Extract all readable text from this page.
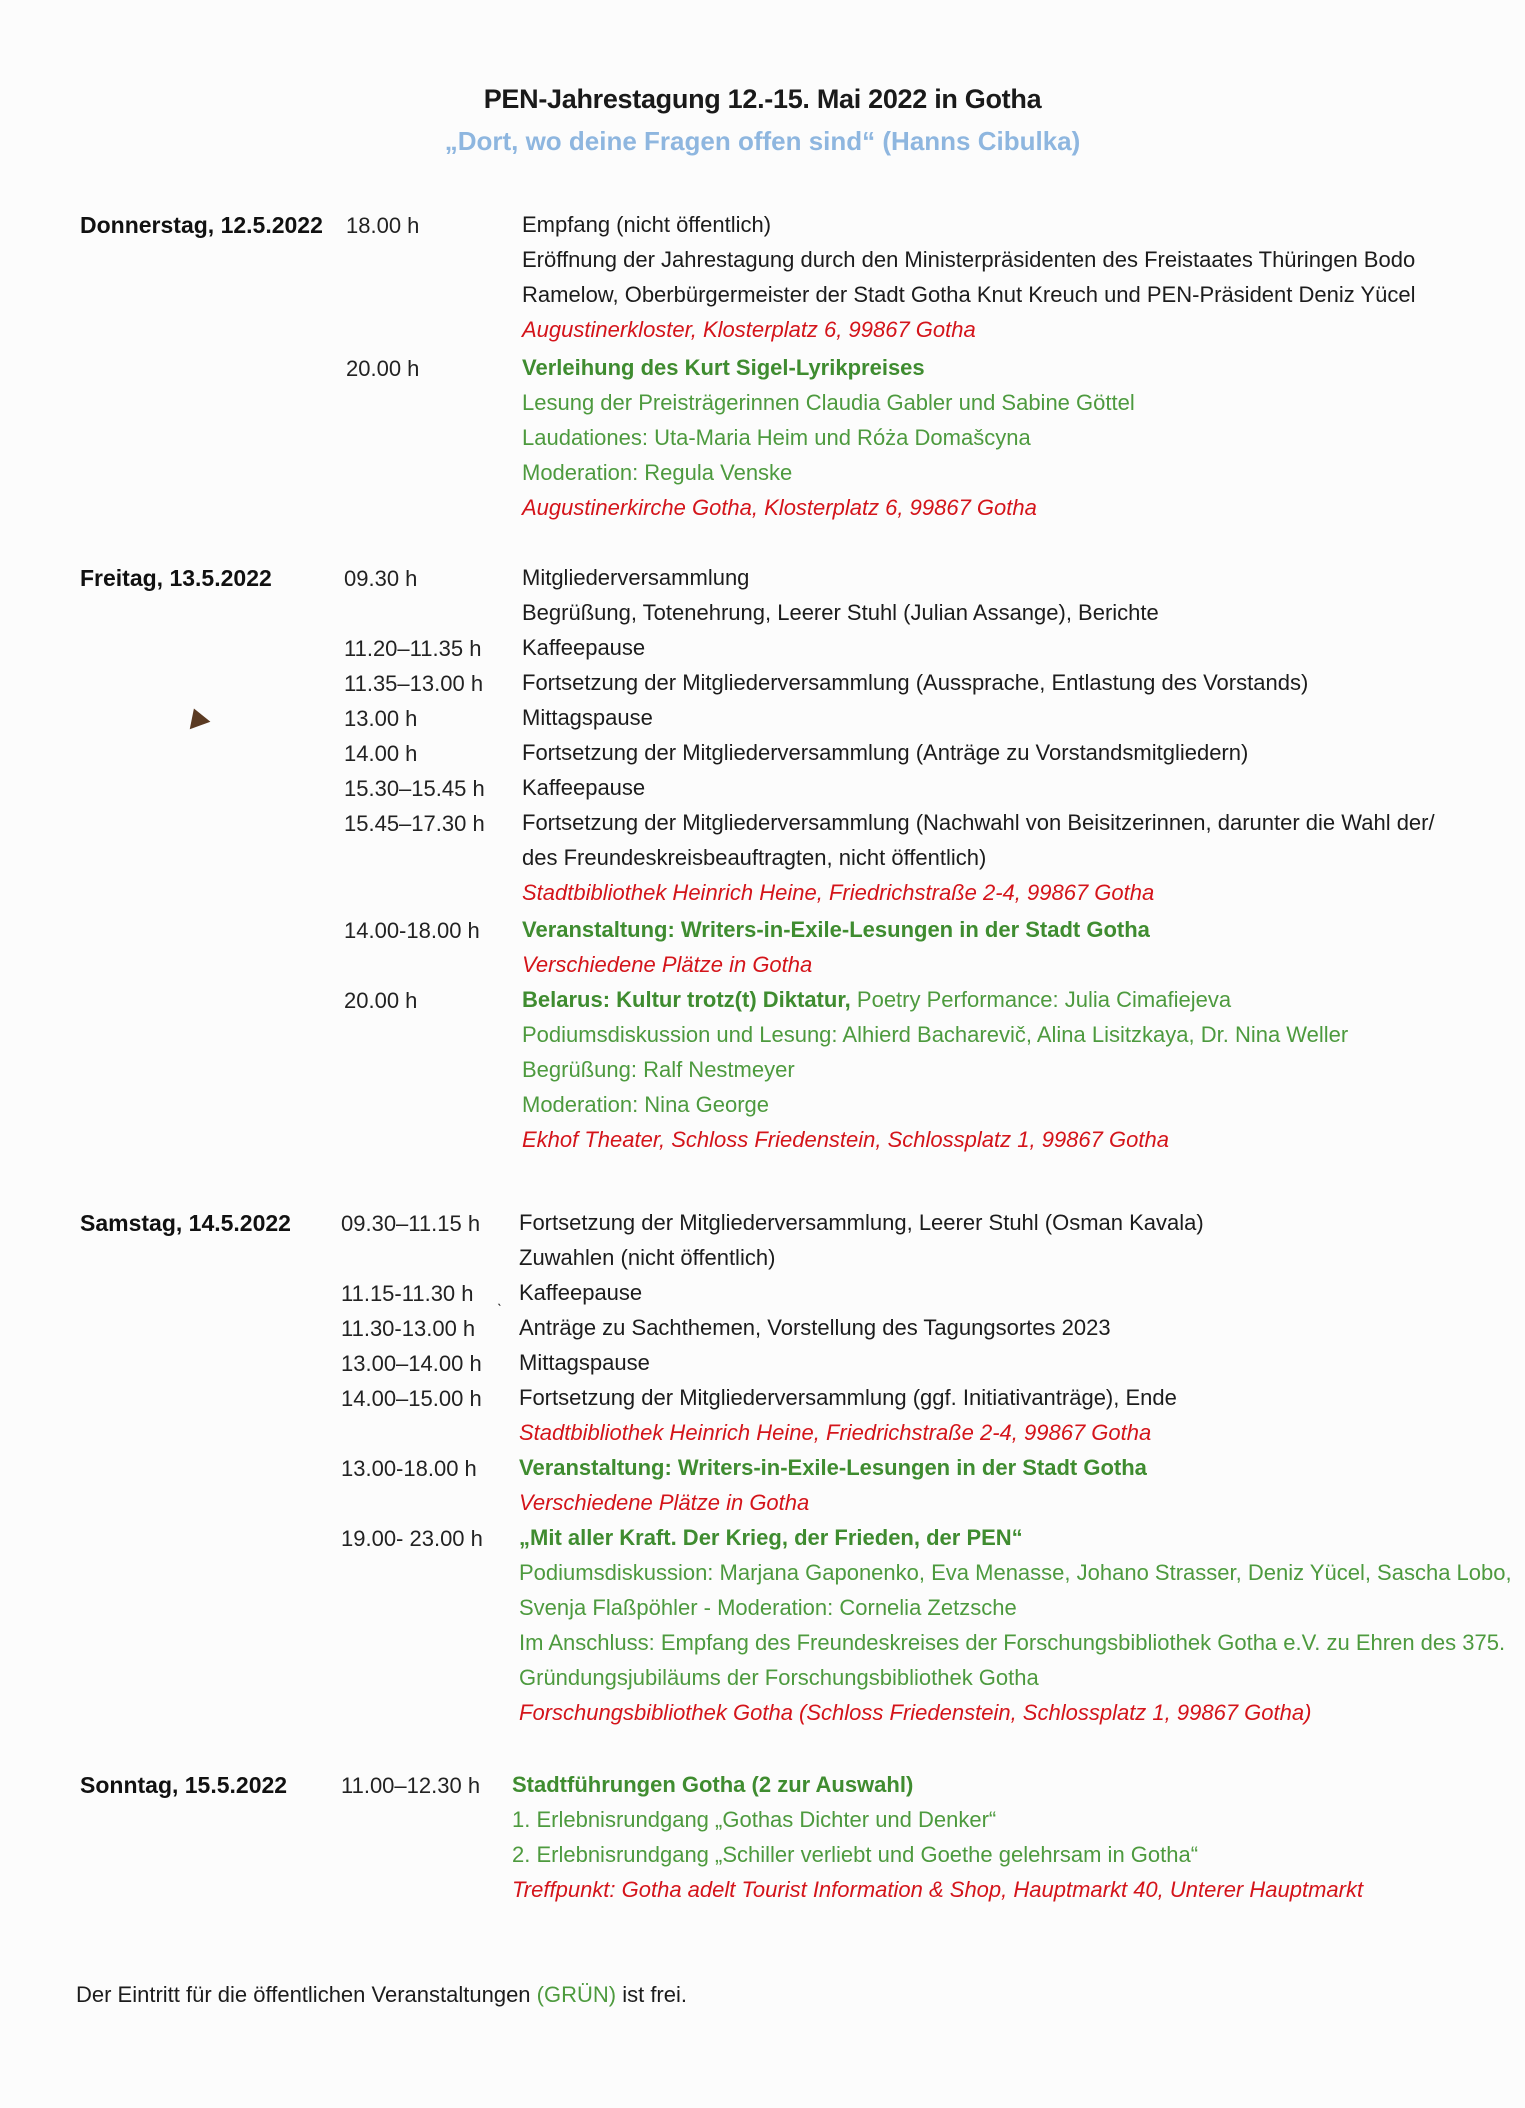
PEN-Jahrestagung 12.-15. Mai 2022 in Gotha
„Dort, wo deine Fragen offen sind“ (Hanns Cibulka)
Donnerstag, 12.5.2022 18.00 h	Empfang (nicht öffentlich)
Eröffnung der Jahrestagung durch den Ministerpräsidenten des Freistaates Thüringen Bodo
Ramelow, Oberbürgermeister der Stadt Gotha Knut Kreuch und PEN-Präsident Deniz Yücel
Augustinerkloster, Klosterplatz 6, 99867 Gotha
20.00 h	Verleihung des Kurt Sigel-Lyrikpreises
Lesung der Preisträgerinnen Claudia Gabler und Sabine Göttel
Laudationes: Uta-Maria Heim und Róża Domašcyna
Moderation: Regula Venske
Augustinerkirche Gotha, Klosterplatz 6, 99867 Gotha
Freitag, 13.5.2022	09.30 h	Mitgliederversammlung
Begrüßung, Totenehrung, Leerer Stuhl (Julian Assange), Berichte
11.20–11.35 h Kaffeepause
11.35–13.00 h Fortsetzung der Mitgliederversammlung (Aussprache, Entlastung des Vorstands)
13.00 h	Mittagspause
14.00 h	Fortsetzung der Mitgliederversammlung (Anträge zu Vorstandsmitgliedern)
15.30–15.45 h Kaffeepause
15.45–17.30 h Fortsetzung der Mitgliederversammlung (Nachwahl von Beisitzerinnen, darunter die Wahl der/
des Freundeskreisbeauftragten, nicht öffentlich)
Stadtbibliothek Heinrich Heine, Friedrichstraße 2-4, 99867 Gotha
14.00-18.00 h Veranstaltung: Writers-in-Exile-Lesungen in der Stadt Gotha
Verschiedene Plätze in Gotha
20.00 h	Belarus: Kultur trotz(t) Diktatur, Poetry Performance: Julia Cimafiejeva
Podiumsdiskussion und Lesung: Alhierd Bacharevič, Alina Lisitzkaya, Dr. Nina Weller
Begrüßung: Ralf Nestmeyer
Moderation: Nina George
Ekhof Theater, Schloss Friedenstein, Schlossplatz 1, 99867 Gotha
Samstag, 14.5.2022 09.30–11.15 h Fortsetzung der Mitgliederversammlung, Leerer Stuhl (Osman Kavala)
Zuwahlen (nicht öffentlich)
11.15-11.30 h Kaffeepause
11.30-13.00 h Anträge zu Sachthemen, Vorstellung des Tagungsortes 2023
13.00–14.00 h Mittagspause
14.00–15.00 h Fortsetzung der Mitgliederversammlung (ggf. Initiativanträge), Ende
Stadtbibliothek Heinrich Heine, Friedrichstraße 2-4, 99867 Gotha
13.00-18.00 h Veranstaltung: Writers-in-Exile-Lesungen in der Stadt Gotha
Verschiedene Plätze in Gotha
19.00- 23.00 h „Mit aller Kraft. Der Krieg, der Frieden, der PEN“
Podiumsdiskussion: Marjana Gaponenko, Eva Menasse, Johano Strasser, Deniz Yücel, Sascha Lobo,
Svenja Flaßpöhler - Moderation: Cornelia Zetzsche
Im Anschluss: Empfang des Freundeskreises der Forschungsbibliothek Gotha e.V. zu Ehren des 375.
Gründungsjubiläums der Forschungsbibliothek Gotha
Forschungsbibliothek Gotha (Schloss Friedenstein, Schlossplatz 1, 99867 Gotha)
Sonntag, 15.5.2022 11.00–12.30 h Stadtführungen Gotha (2 zur Auswahl)
1. Erlebnisrundgang „Gothas Dichter und Denker“
2. Erlebnisrundgang „Schiller verliebt und Goethe gelehrsam in Gotha“
Treffpunkt: Gotha adelt Tourist Information & Shop, Hauptmarkt 40, Unterer Hauptmarkt
ˎ
Der Eintritt für die öffentlichen Veranstaltungen (GRÜN) ist frei.
